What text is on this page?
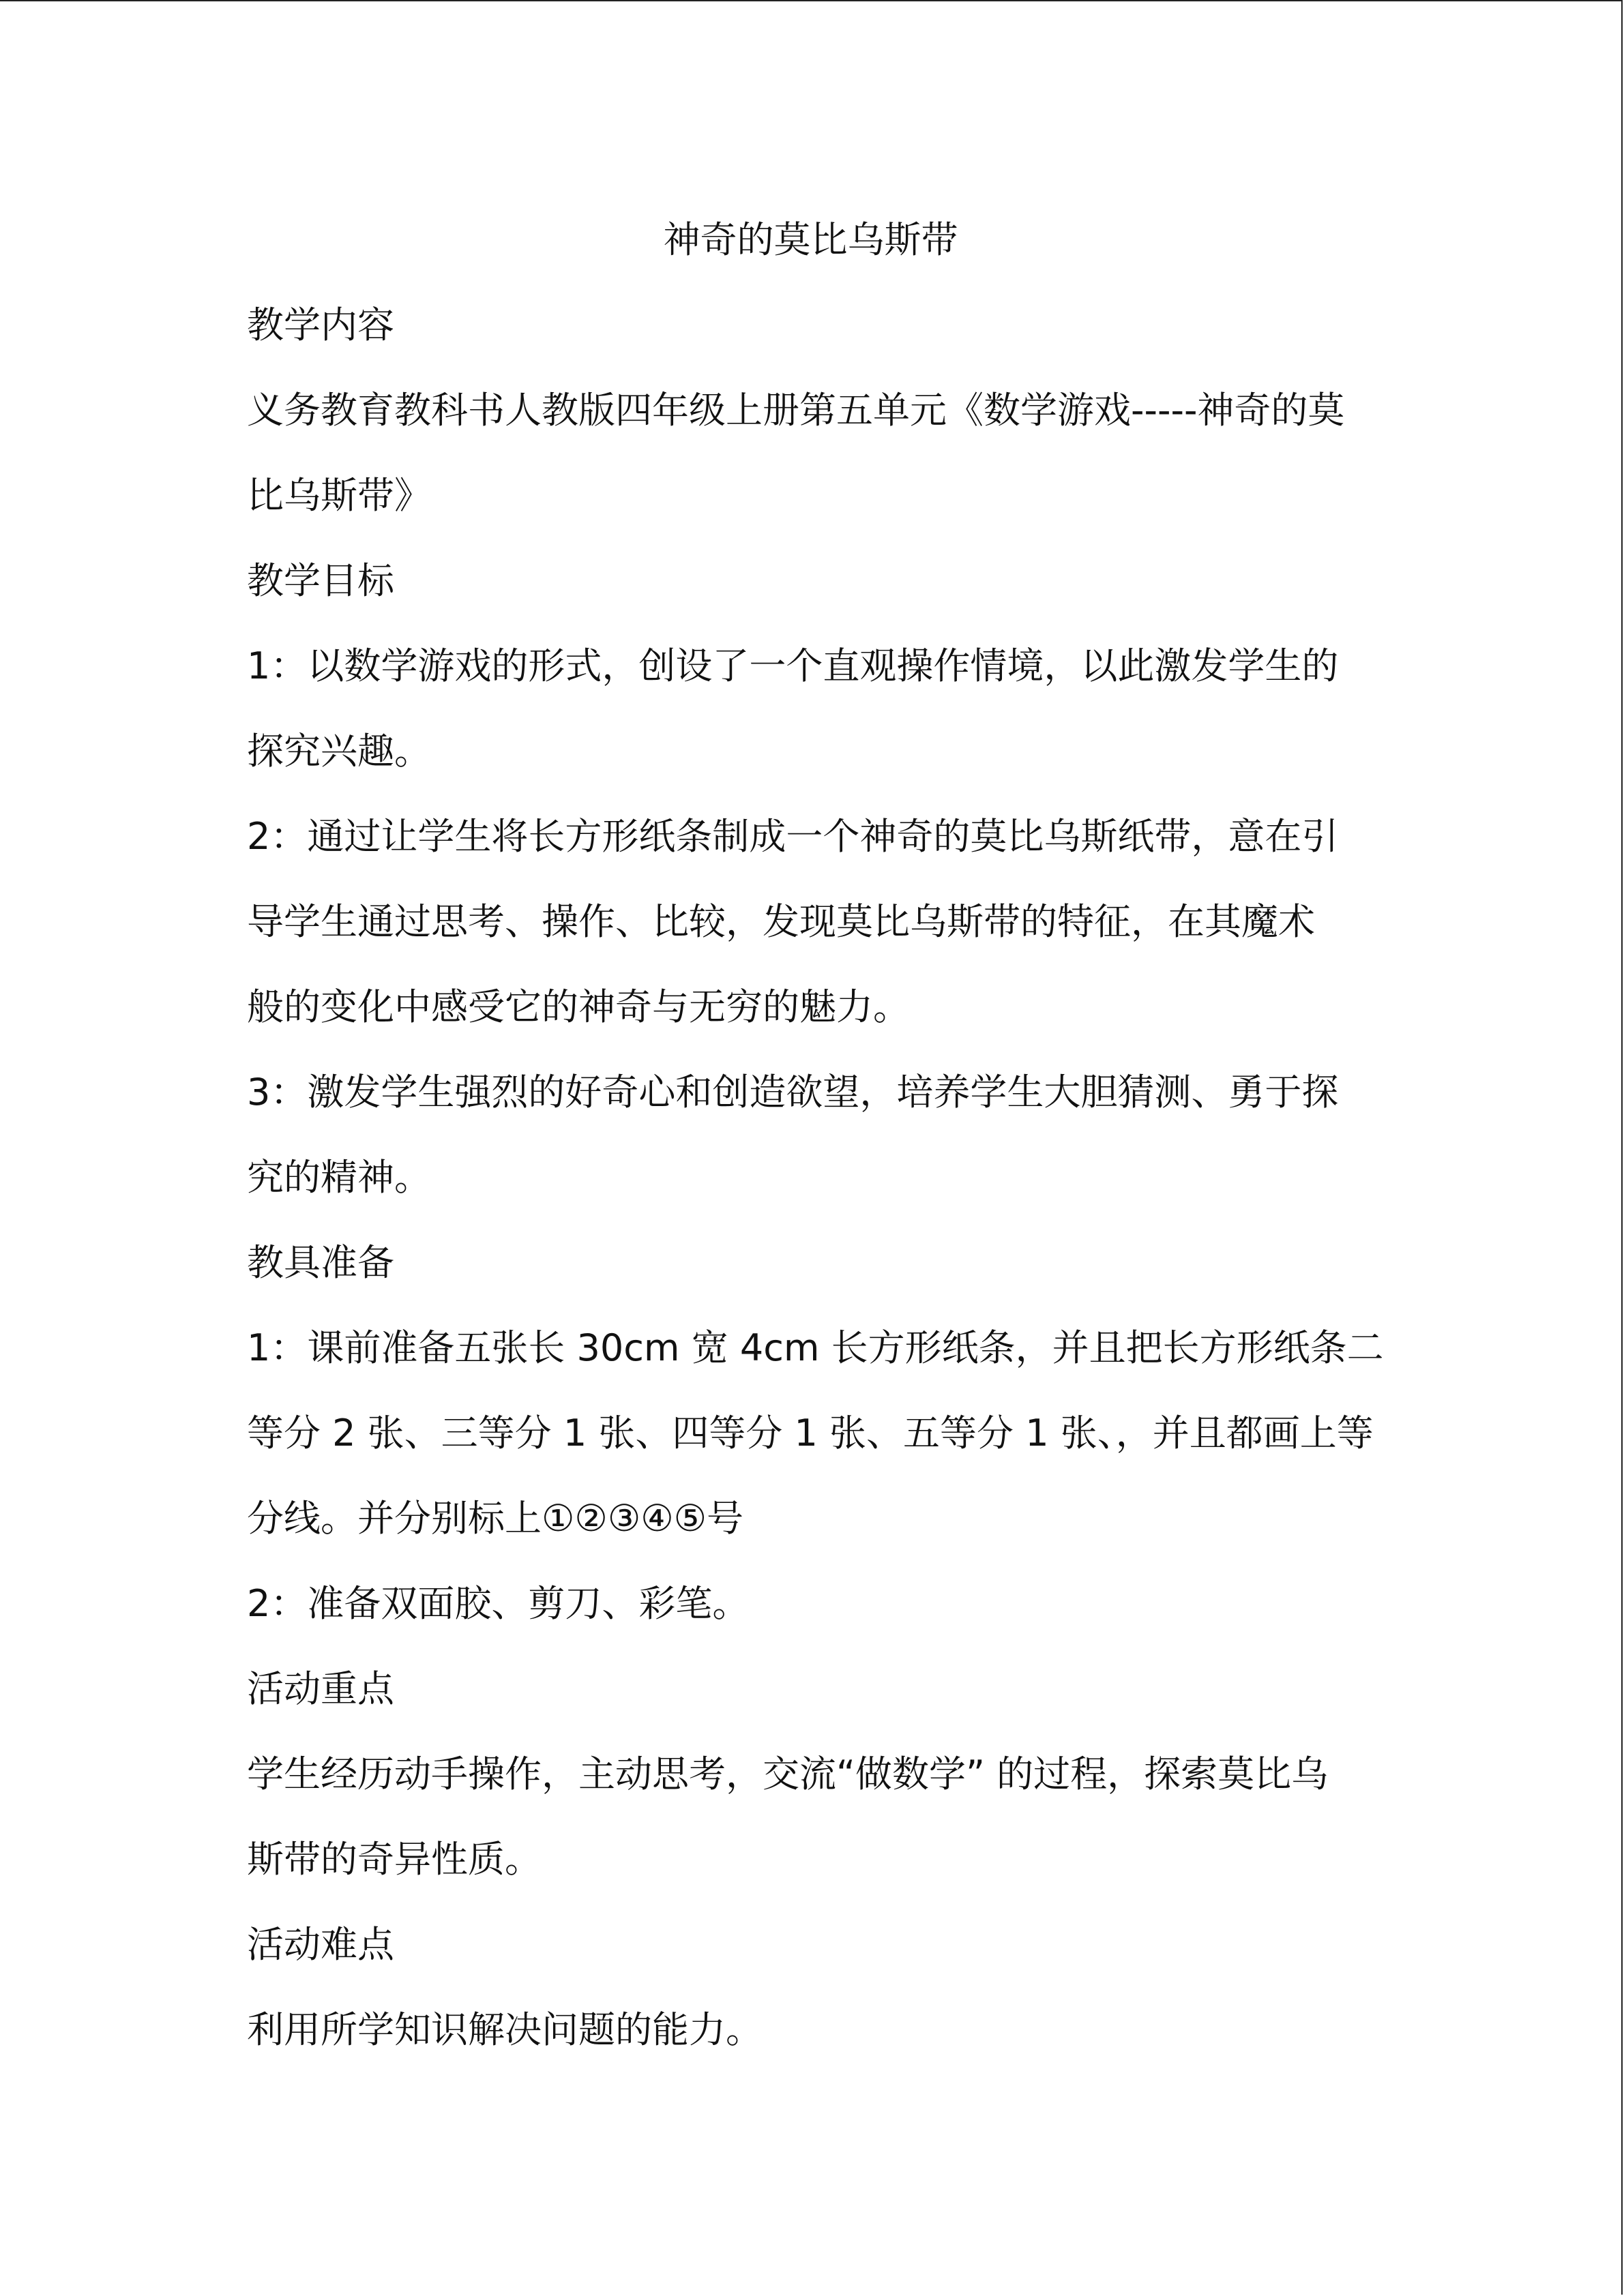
神奇的莫比乌斯带
教学内容
义务教育教科书人教版四年级上册第五单元《数学游戏-----神奇的莫
比乌斯带》
教学目标
1：以数学游戏的形式，创设了一个直观操作情境，以此激发学生的
探究兴趣。
2：通过让学生将长方形纸条制成一个神奇的莫比乌斯纸带，意在引
导学生通过思考、操作、比较，发现莫比乌斯带的特征，在其魔术
般的变化中感受它的神奇与无穷的魅力。
3：激发学生强烈的好奇心和创造欲望，培养学生大胆猜测、勇于探
究的精神。
教具准备
1：课前准备五张长 30cm 宽 4cm 长方形纸条，并且把长方形纸条二
等分 2 张、三等分 1 张、四等分 1 张、五等分 1 张、，并且都画上等
分线。并分别标上①②③④⑤号
2：准备双面胶、剪刀、彩笔。
活动重点
学生经历动手操作，主动思考，交流“做数学” 的过程，探索莫比乌
斯带的奇异性质。
活动难点
利用所学知识解决问题的能力。
